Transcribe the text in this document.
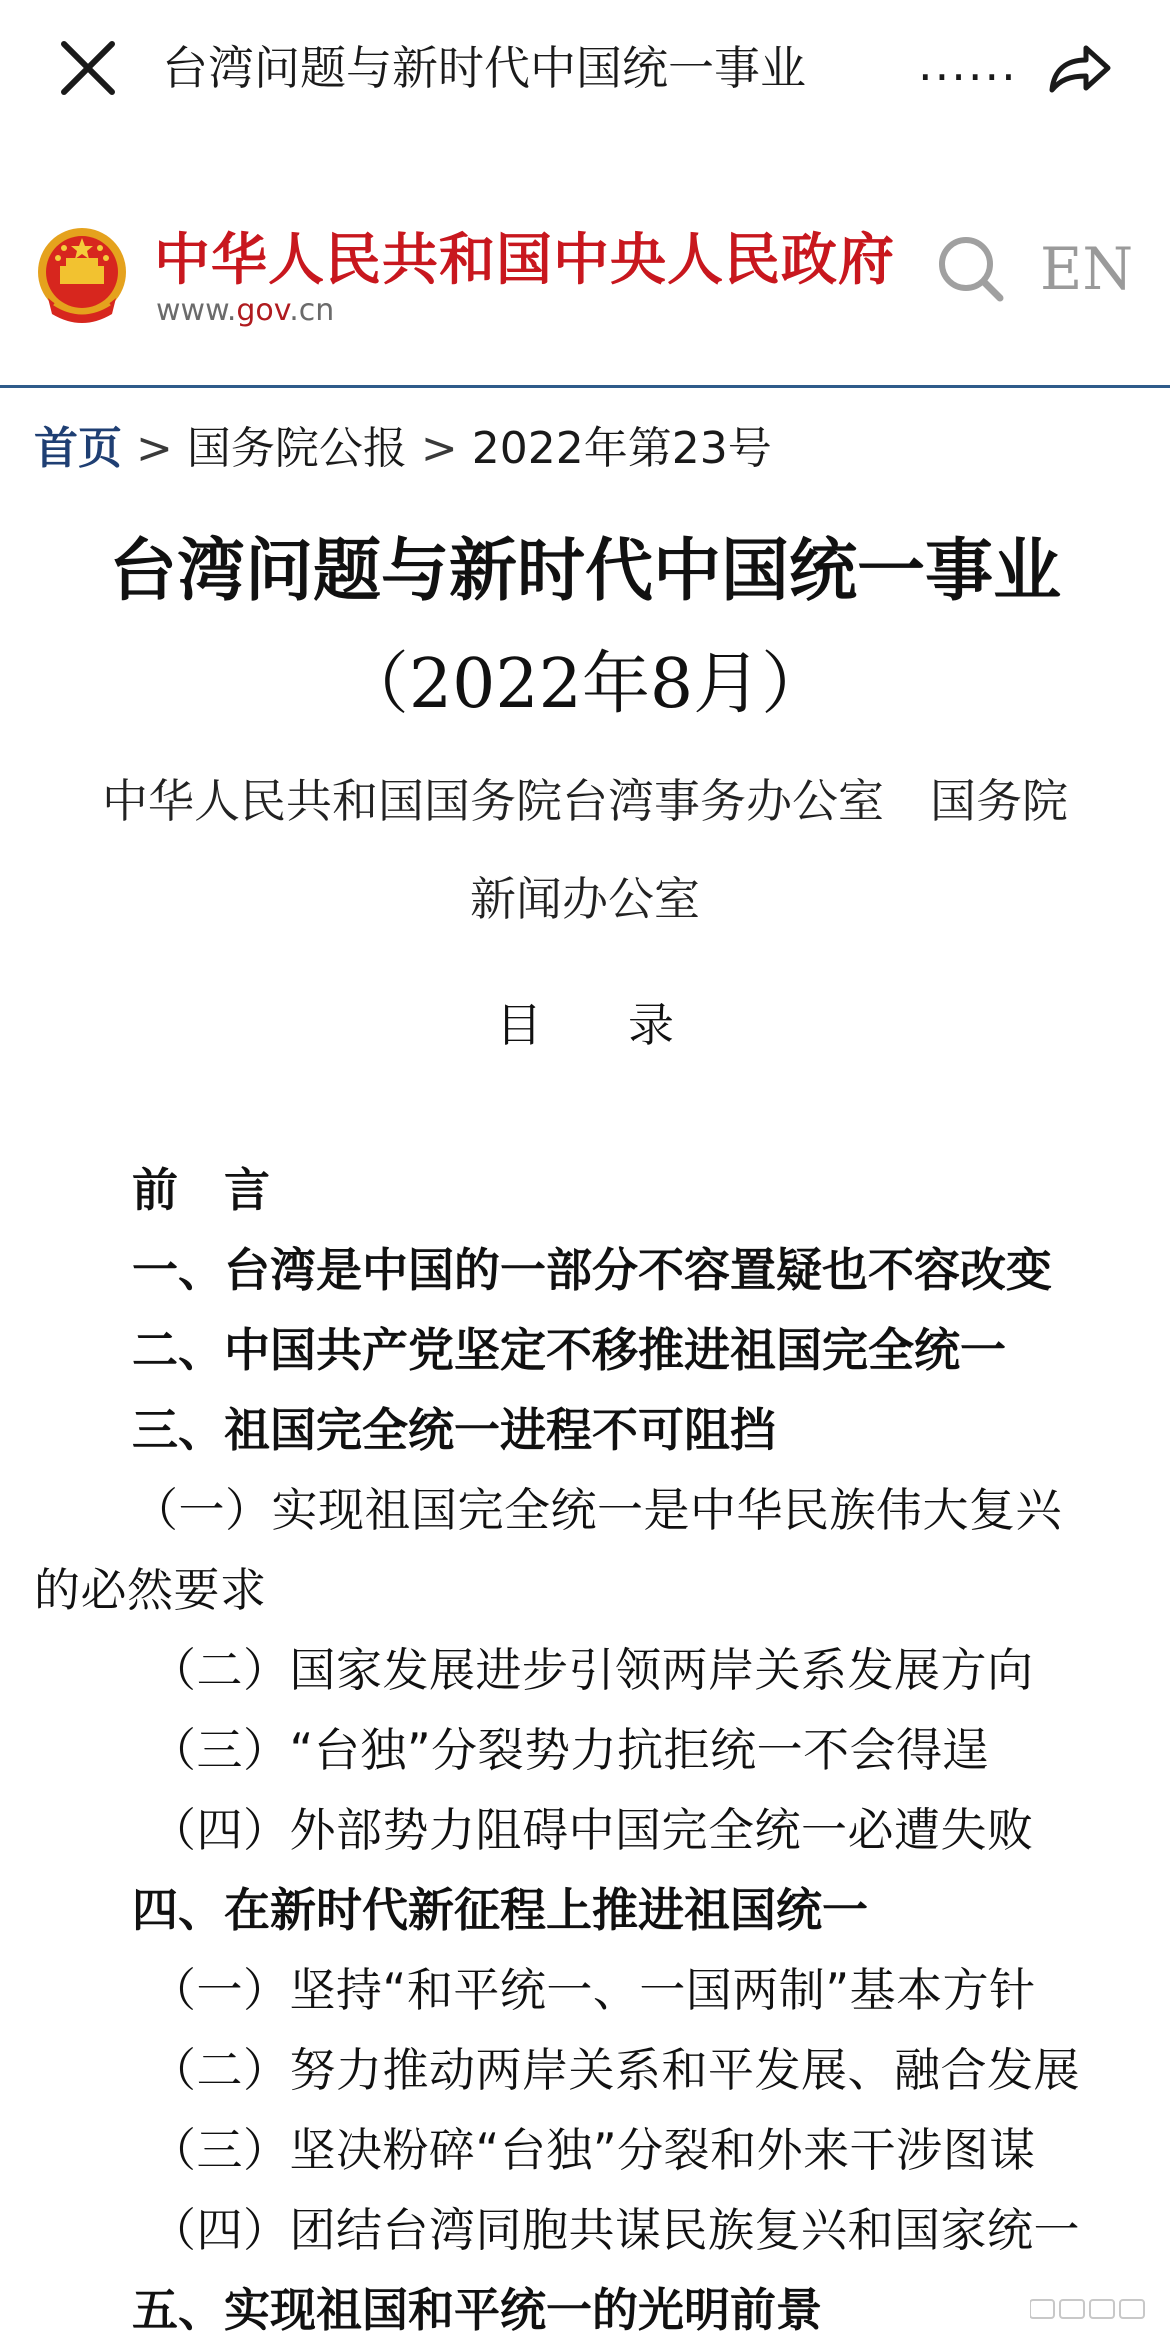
台湾问题与新时代中国统一事业	......
中华人民共和国中央人民政府
www.gov.cn
EN
首页 > 国务院公报 > 2022年第23号
台湾问题与新时代中国统一事业
（2022年8月）
中华人民共和国国务院台湾事务办公室　国务院
新闻办公室
目录
前　言
一、台湾是中国的一部分不容置疑也不容改变
二、中国共产党坚定不移推进祖国完全统一
三、祖国完全统一进程不可阻挡
（一）实现祖国完全统一是中华民族伟大复兴
的必然要求
（二）国家发展进步引领两岸关系发展方向
（三）“台独”分裂势力抗拒统一不会得逞
（四）外部势力阻碍中国完全统一必遭失败
四、在新时代新征程上推进祖国统一
（一）坚持“和平统一、一国两制”基本方针
（二）努力推动两岸关系和平发展、融合发展
（三）坚决粉碎“台独”分裂和外来干涉图谋
（四）团结台湾同胞共谋民族复兴和国家统一
五、实现祖国和平统一的光明前景
